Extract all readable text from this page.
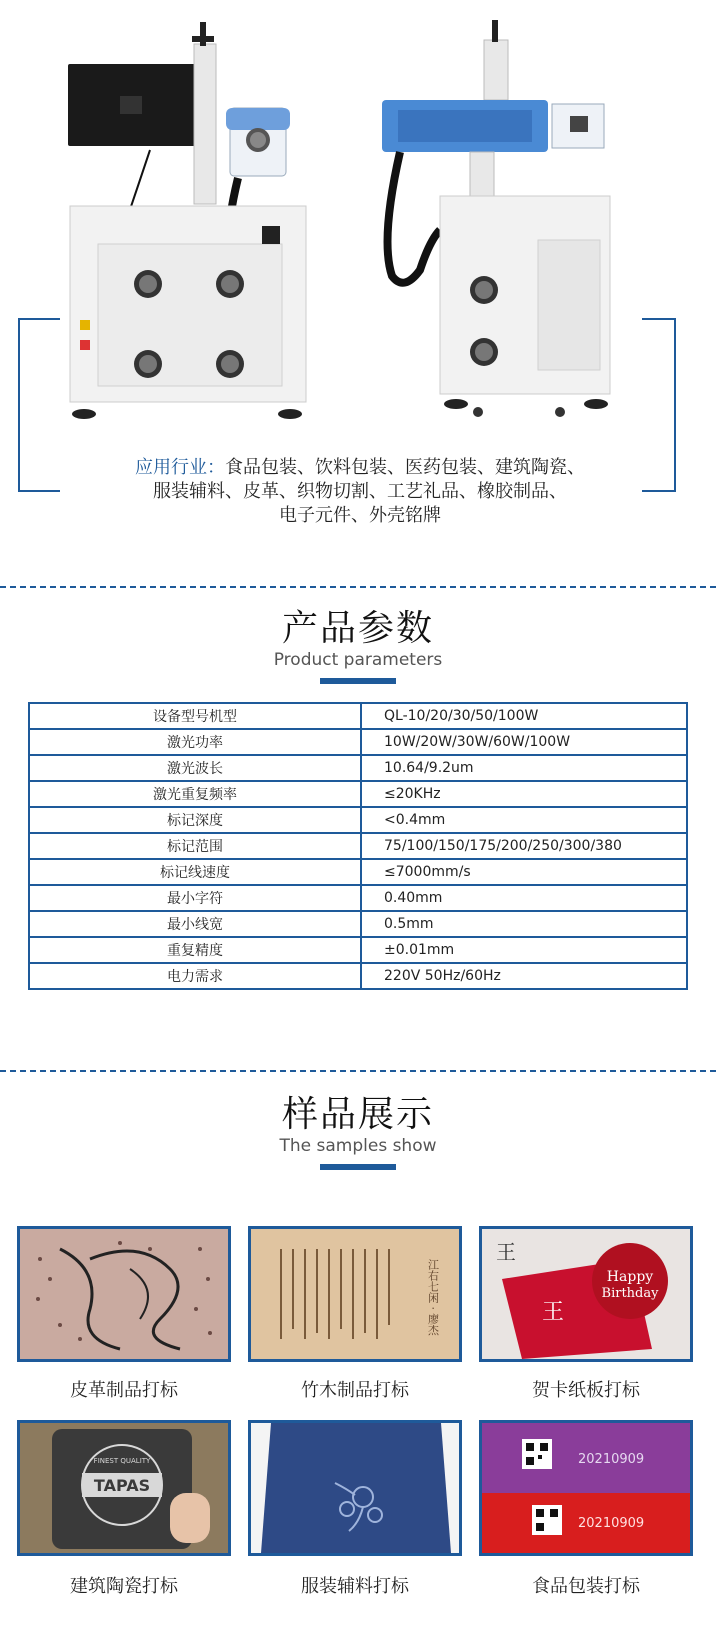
应用行业：食品包装、饮料包装、医药包装、建筑陶瓷、
服装辅料、皮革、织物切割、工艺礼品、橡胶制品、
电子元件、外壳铭牌
产品参数
Product parameters
设备型号机型	QL-10/20/30/50/100W
激光功率	10W/20W/30W/60W/100W
激光波长	10.64/9.2um
激光重复频率	≤20KHz
标记深度	<0.4mm
标记范围	75/100/150/175/200/250/300/380
标记线速度	≤7000mm/s
最小字符	0.40mm
最小线宽	0.5mm
重复精度	±0.01mm
电力需求	220V 50Hz/60Hz
样品展示
The samples show
皮革制品打标
江右七闲 · 廖杰
竹木制品打标
Happy
Birthday
王
王
贺卡纸板打标
TAPAS
FINEST QUALITY
建筑陶瓷打标	服装辅料打标
20210909
20210909
食品包装打标
